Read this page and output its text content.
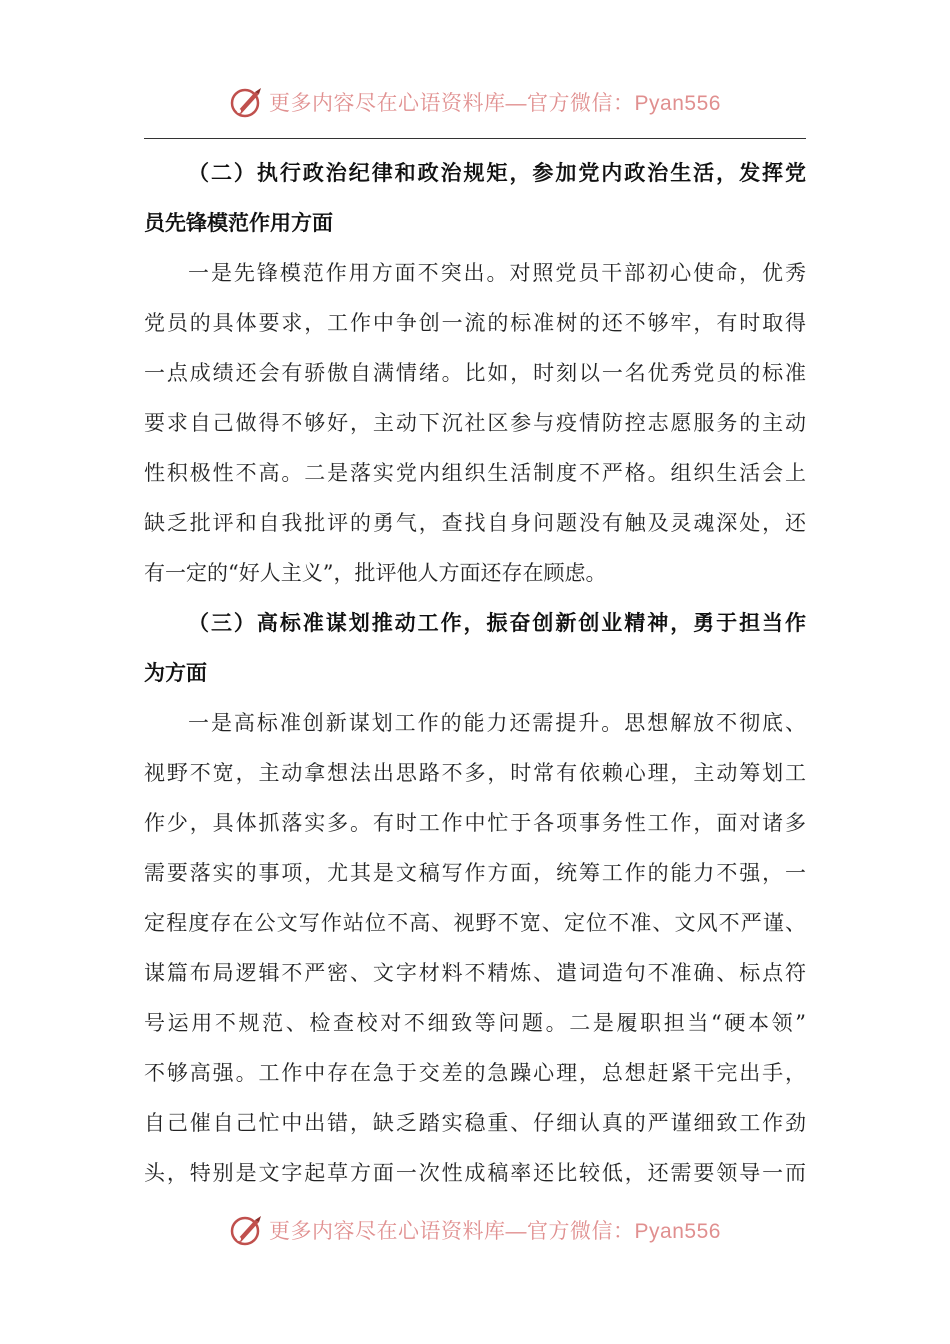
更多内容尽在心语资料库—官方微信：Pyan556
（二）执行政治纪律和政治规矩，参加党内政治生活，发挥党
员先锋模范作用方面
一是先锋模范作用方面不突出。对照党员干部初心使命，优秀
党员的具体要求，工作中争创一流的标准树的还不够牢，有时取得
一点成绩还会有骄傲自满情绪。比如，时刻以一名优秀党员的标准
要求自己做得不够好，主动下沉社区参与疫情防控志愿服务的主动
性积极性不高。二是落实党内组织生活制度不严格。组织生活会上
缺乏批评和自我批评的勇气，查找自身问题没有触及灵魂深处，还
有一定的“好人主义”，批评他人方面还存在顾虑。
（三）高标准谋划推动工作，振奋创新创业精神，勇于担当作
为方面
一是高标准创新谋划工作的能力还需提升。思想解放不彻底、
视野不宽，主动拿想法出思路不多，时常有依赖心理，主动筹划工
作少，具体抓落实多。有时工作中忙于各项事务性工作，面对诸多
需要落实的事项，尤其是文稿写作方面，统筹工作的能力不强，一
定程度存在公文写作站位不高、视野不宽、定位不准、文风不严谨、
谋篇布局逻辑不严密、文字材料不精炼、遣词造句不准确、标点符
号运用不规范、检查校对不细致等问题。二是履职担当“硬本领”
不够高强。工作中存在急于交差的急躁心理，总想赶紧干完出手，
自己催自己忙中出错，缺乏踏实稳重、仔细认真的严谨细致工作劲
头，特别是文字起草方面一次性成稿率还比较低，还需要领导一而
更多内容尽在心语资料库—官方微信：Pyan556
